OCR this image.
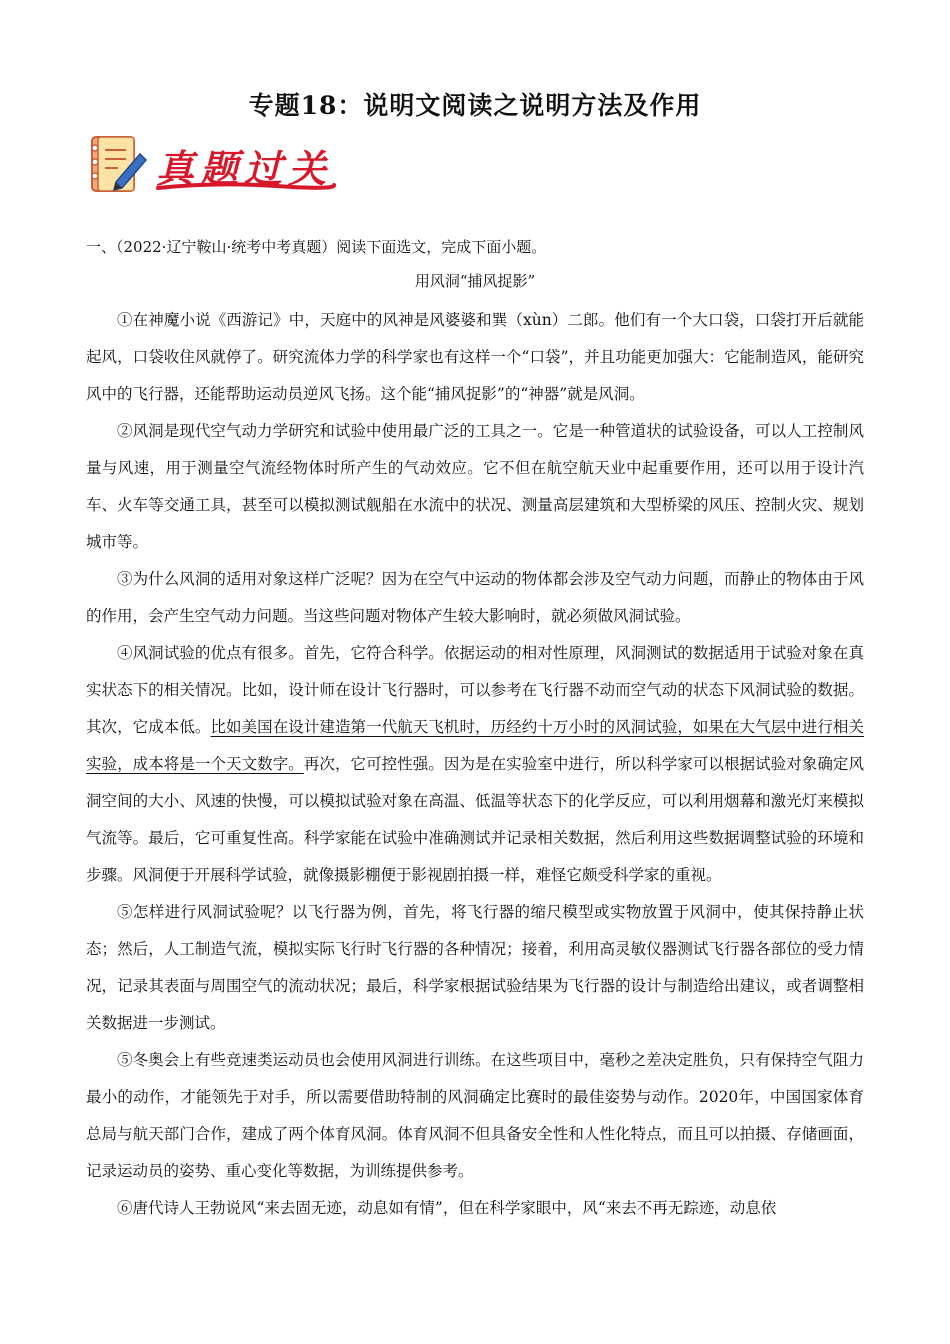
专题18：说明文阅读之说明方法及作用
真题过关

一、（2022·辽宁鞍山·统考中考真题）阅读下面选文，完成下面小题。

用风洞“捕风捉影”

①在神魔小说《西游记》中，天庭中的风神是风婆婆和巽（xùn）二郎。他们有一个大口袋，口袋打开后就能起风，口袋收住风就停了。研究流体力学的科学家也有这样一个“口袋”，并且功能更加强大：它能制造风，能研究风中的飞行器，还能帮助运动员逆风飞扬。这个能“捕风捉影”的“神器”就是风洞。

②风洞是现代空气动力学研究和试验中使用最广泛的工具之一。它是一种管道状的试验设备，可以人工控制风量与风速，用于测量空气流经物体时所产生的气动效应。它不但在航空航天业中起重要作用，还可以用于设计汽车、火车等交通工具，甚至可以模拟测试舰船在水流中的状况、测量高层建筑和大型桥梁的风压、控制火灾、规划城市等。

③为什么风洞的适用对象这样广泛呢？因为在空气中运动的物体都会涉及空气动力问题，而静止的物体由于风的作用，会产生空气动力问题。当这些问题对物体产生较大影响时，就必须做风洞试验。

④风洞试验的优点有很多。首先，它符合科学。依据运动的相对性原理，风洞测试的数据适用于试验对象在真实状态下的相关情况。比如，设计师在设计飞行器时，可以参考在飞行器不动而空气动的状态下风洞试验的数据。其次，它成本低。比如美国在设计建造第一代航天飞机时，历经约十万小时的风洞试验，如果在大气层中进行相关实验，成本将是一个天文数字。再次，它可控性强。因为是在实验室中进行，所以科学家可以根据试验对象确定风洞空间的大小、风速的快慢，可以模拟试验对象在高温、低温等状态下的化学反应，可以利用烟幕和激光灯来模拟气流等。最后，它可重复性高。科学家能在试验中准确测试并记录相关数据，然后利用这些数据调整试验的环境和步骤。风洞便于开展科学试验，就像摄影棚便于影视剧拍摄一样，难怪它颇受科学家的重视。

⑤怎样进行风洞试验呢？以飞行器为例，首先，将飞行器的缩尺模型或实物放置于风洞中，使其保持静止状态；然后，人工制造气流，模拟实际飞行时飞行器的各种情况；接着，利用高灵敏仪器测试飞行器各部位的受力情况，记录其表面与周围空气的流动状况；最后，科学家根据试验结果为飞行器的设计与制造给出建议，或者调整相关数据进一步测试。

⑤冬奥会上有些竞速类运动员也会使用风洞进行训练。在这些项目中，毫秒之差决定胜负，只有保持空气阻力最小的动作，才能领先于对手，所以需要借助特制的风洞确定比赛时的最佳姿势与动作。2020年，中国国家体育总局与航天部门合作，建成了两个体育风洞。体育风洞不但具备安全性和人性化特点，而且可以拍摄、存储画面，记录运动员的姿势、重心变化等数据，为训练提供参考。

⑥唐代诗人王勃说风“来去固无迹，动息如有情”，但在科学家眼中，风“来去不再无踪迹，动息依
